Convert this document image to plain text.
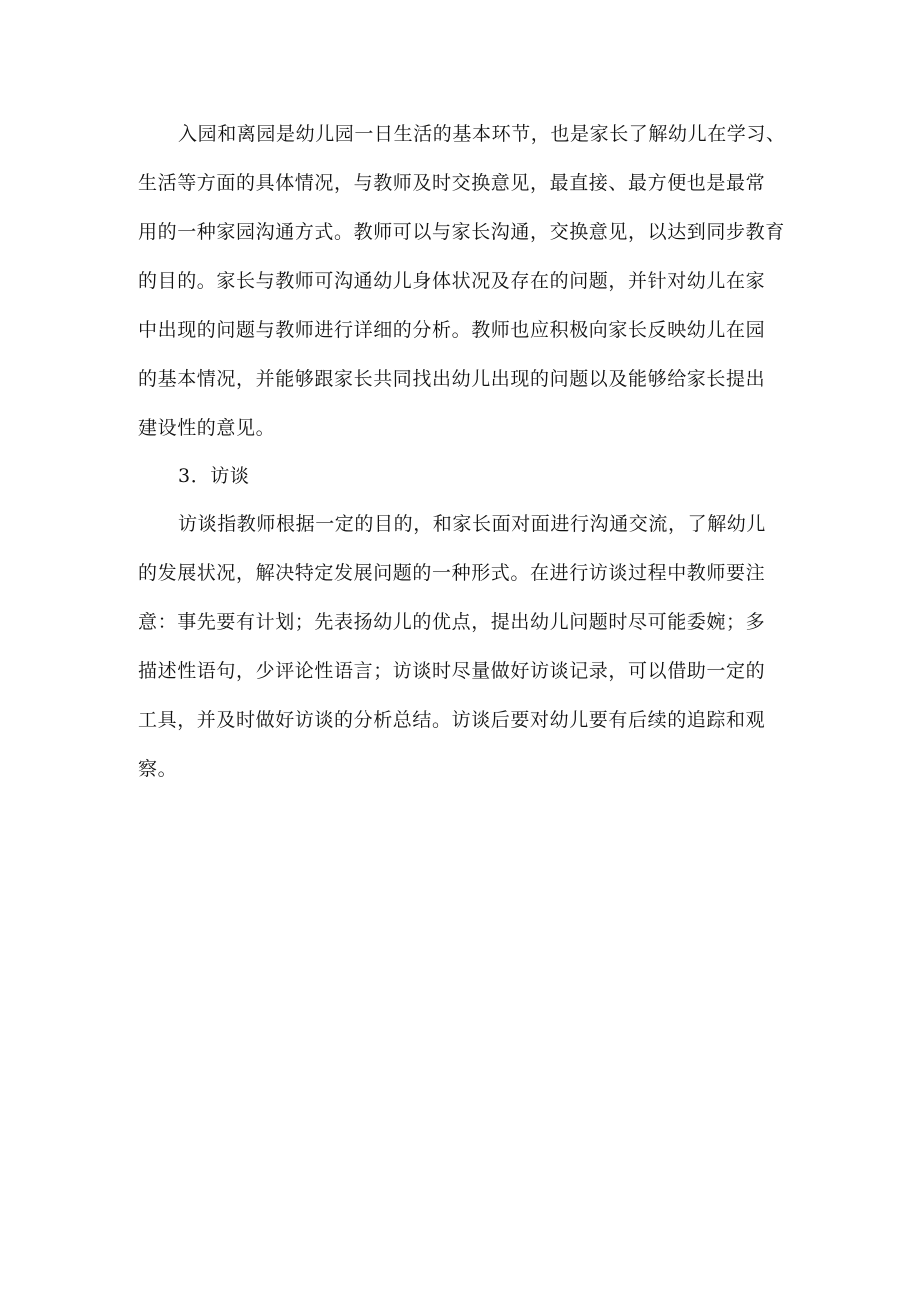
入园和离园是幼儿园一日生活的基本环节，也是家长了解幼儿在学习、
生活等方面的具体情况，与教师及时交换意见，最直接、最方便也是最常
用的一种家园沟通方式。教师可以与家长沟通，交换意见，以达到同步教育
的目的。家长与教师可沟通幼儿身体状况及存在的问题，并针对幼儿在家
中出现的问题与教师进行详细的分析。教师也应积极向家长反映幼儿在园
的基本情况，并能够跟家长共同找出幼儿出现的问题以及能够给家长提出
建设性的意见。
3．访谈
访谈指教师根据一定的目的，和家长面对面进行沟通交流，了解幼儿
的发展状况，解决特定发展问题的一种形式。在进行访谈过程中教师要注
意：事先要有计划；先表扬幼儿的优点，提出幼儿问题时尽可能委婉；多
描述性语句，少评论性语言；访谈时尽量做好访谈记录，可以借助一定的
工具，并及时做好访谈的分析总结。访谈后要对幼儿要有后续的追踪和观
察。
